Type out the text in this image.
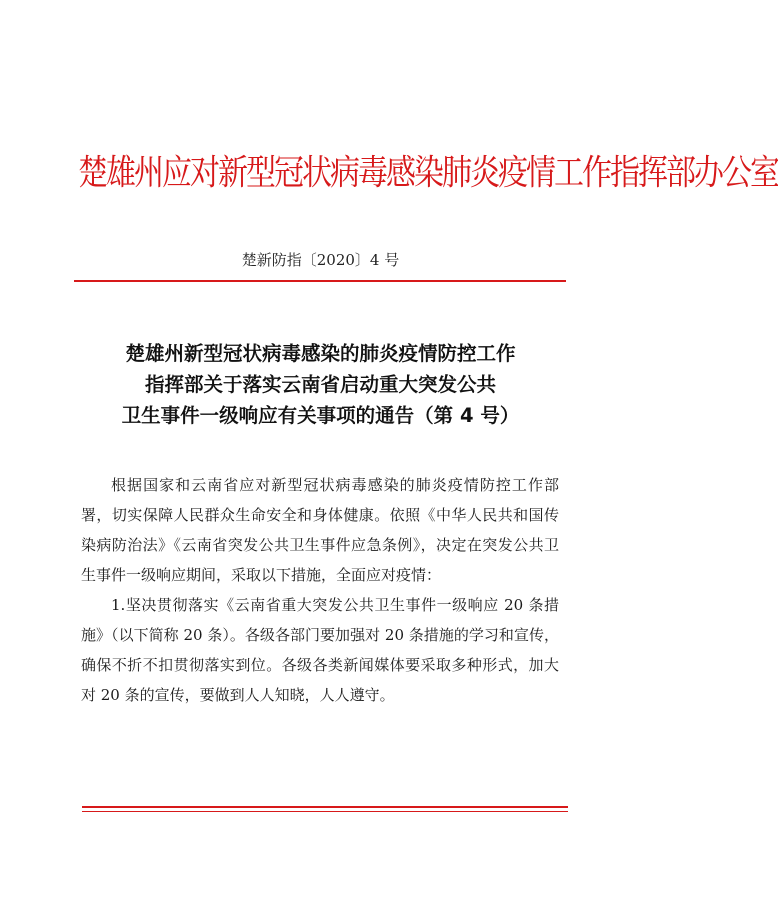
楚雄州应对新型冠状病毒感染肺炎疫情工作指挥部办公室
楚新防指〔2020〕4 号
楚雄州新型冠状病毒感染的肺炎疫情防控工作
指挥部关于落实云南省启动重大突发公共
卫生事件一级响应有关事项的通告（第 4 号）

根据国家和云南省应对新型冠状病毒感染的肺炎疫情防控工作部署，切实保障人民群众生命安全和身体健康。依照《中华人民共和国传染病防治法》《云南省突发公共卫生事件应急条例》，决定在突发公共卫生事件一级响应期间，采取以下措施，全面应对疫情：

1.坚决贯彻落实《云南省重大突发公共卫生事件一级响应 20 条措施》（以下简称 20 条）。各级各部门要加强对 20 条措施的学习和宣传，确保不折不扣贯彻落实到位。各级各类新闻媒体要采取多种形式，加大对 20 条的宣传，要做到人人知晓，人人遵守。
